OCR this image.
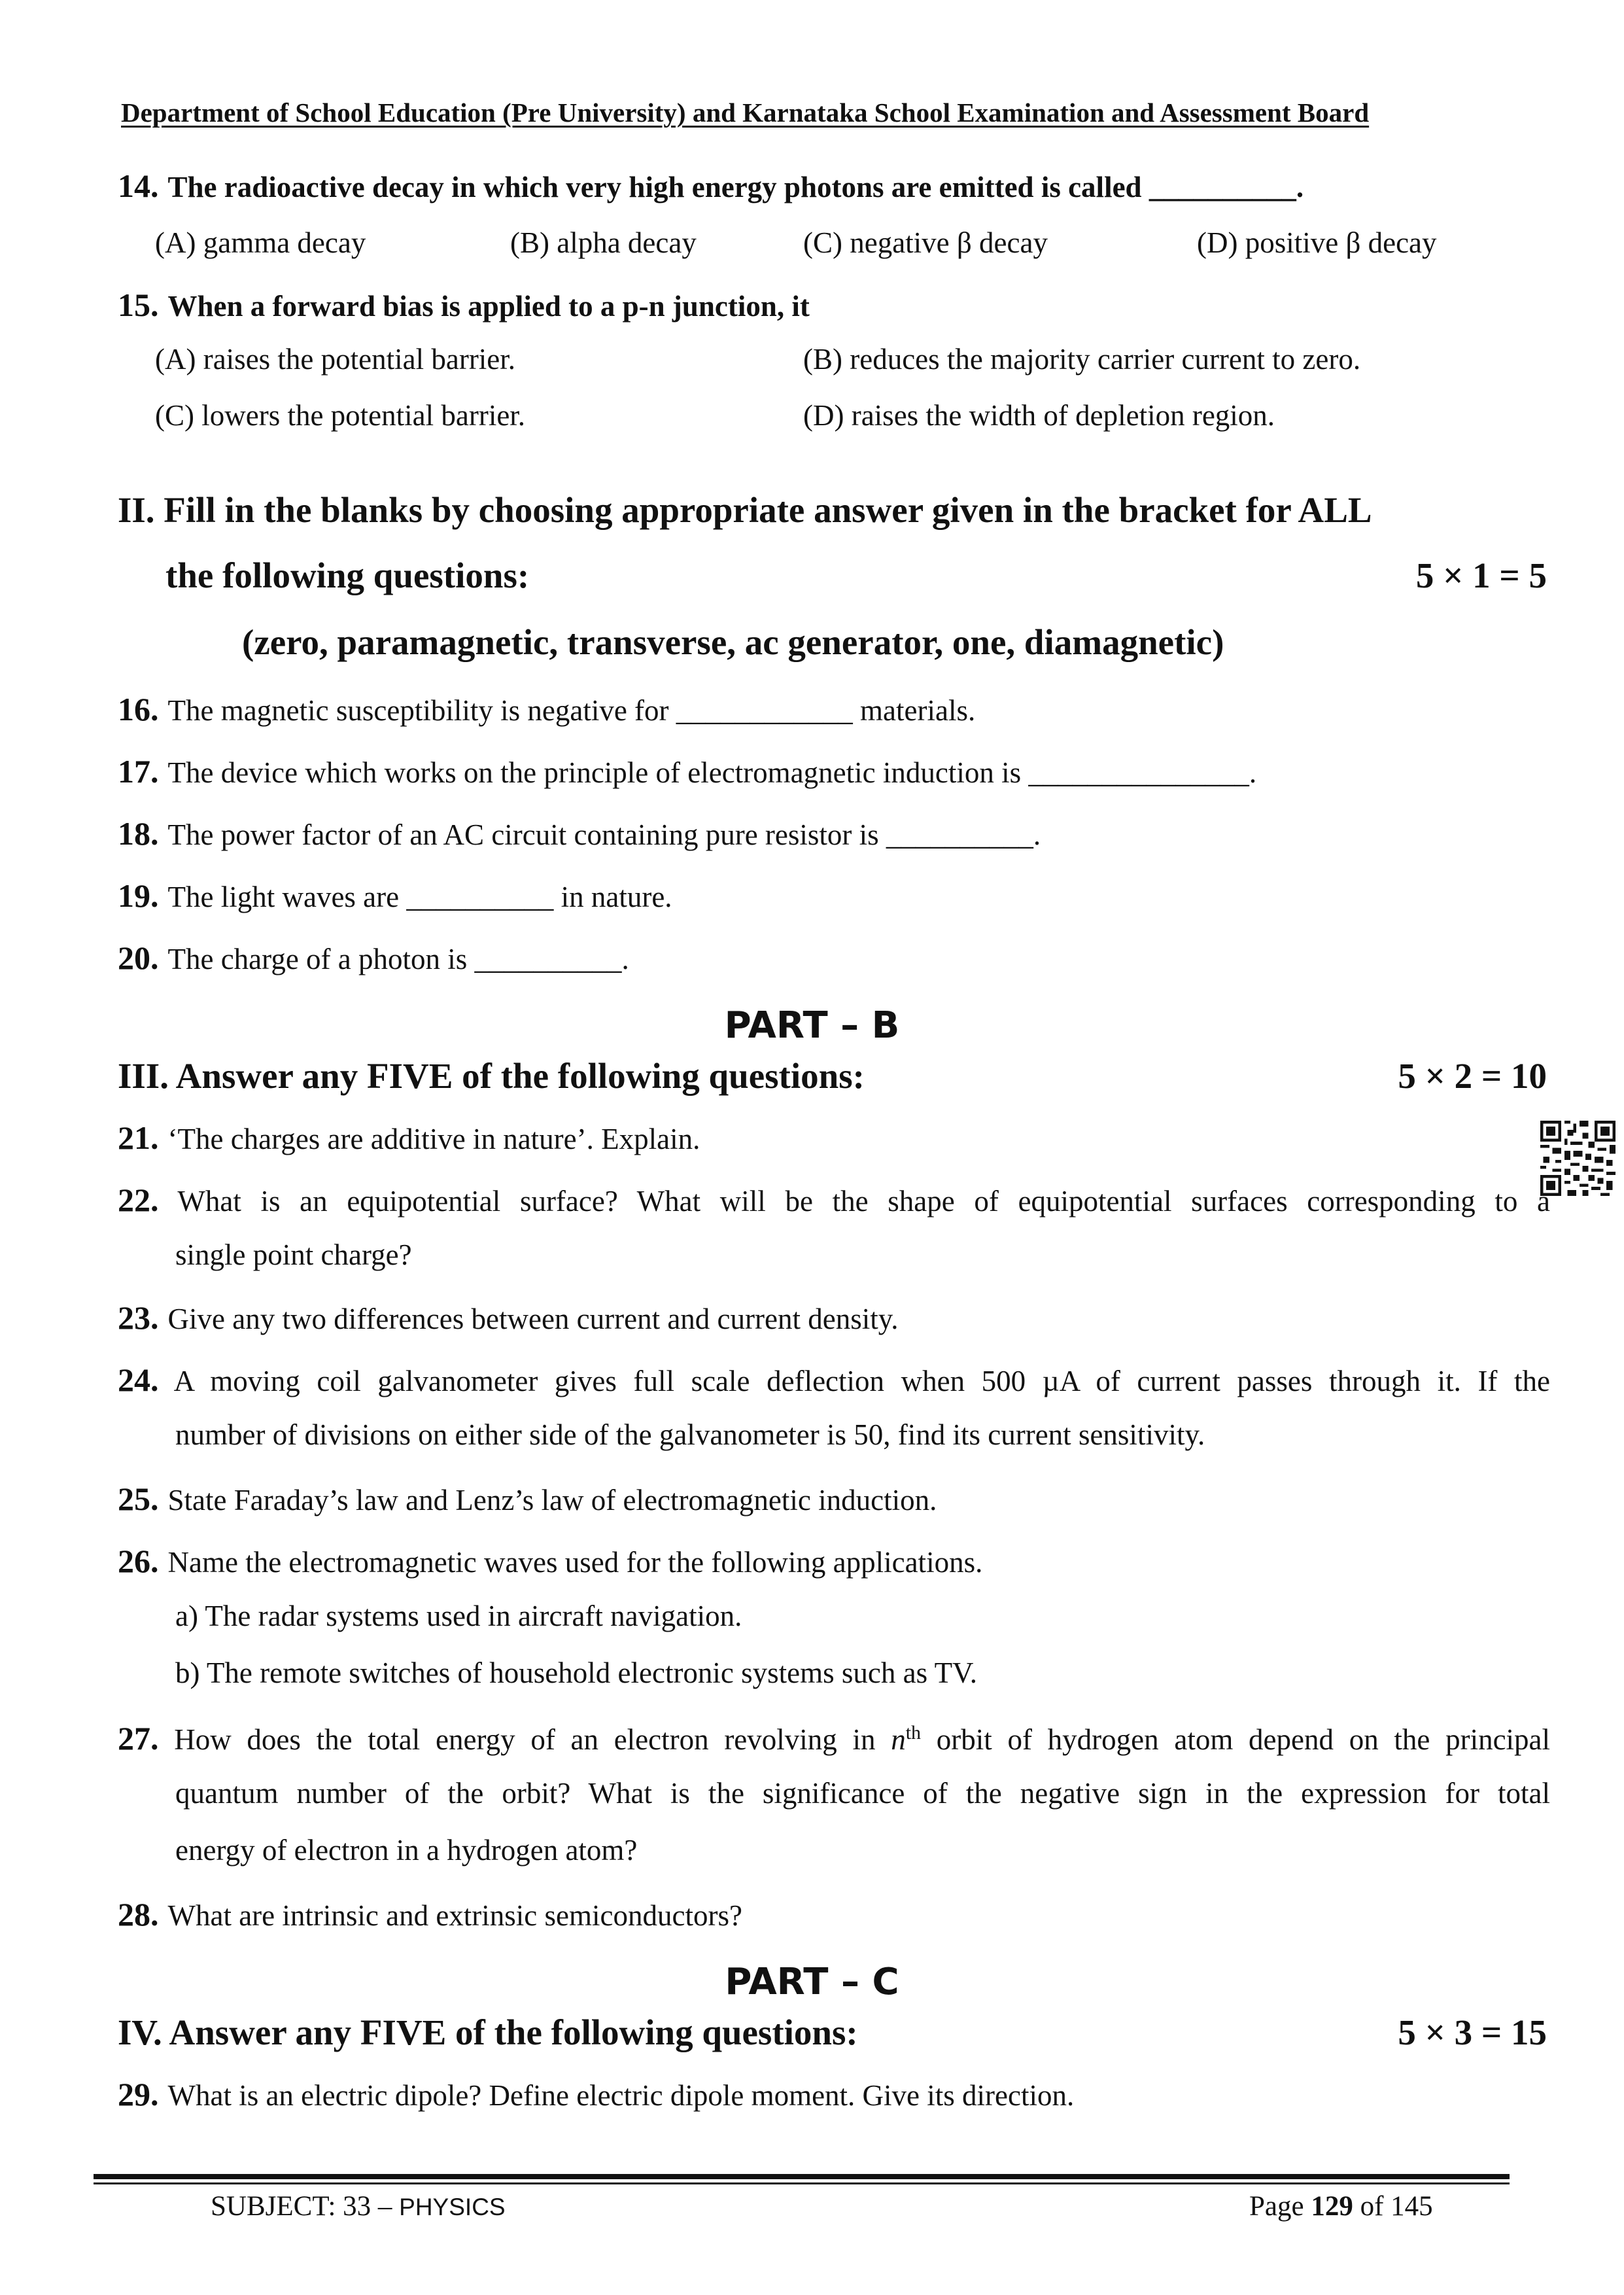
Department of School Education (Pre University) and Karnataka School Examination and Assessment Board
14. The radioactive decay in which very high energy photons are emitted is called __________.
(A) gamma decay	(B) alpha decay	(C) negative β decay	(D) positive β decay
15. When a forward bias is applied to a p-n junction, it
(A) raises the potential barrier.	(B) reduces the majority carrier current to zero.
(C) lowers the potential barrier.	(D) raises the width of depletion region.
II. Fill in the blanks by choosing appropriate answer given in the bracket for ALL
the following questions:	5 × 1 = 5
(zero, paramagnetic, transverse, ac generator, one, diamagnetic)
16. The magnetic susceptibility is negative for ____________ materials.
17. The device which works on the principle of electromagnetic induction is _______________.
18. The power factor of an AC circuit containing pure resistor is __________.
19. The light waves are __________ in nature.
20. The charge of a photon is __________.
PART – B
III. Answer any FIVE of the following questions:	5 × 2 = 10
21. ‘The charges are additive in nature’. Explain.
22. What is an equipotential surface? What will be the shape of equipotential surfaces corresponding to a
single point charge?
23. Give any two differences between current and current density.
24. A moving coil galvanometer gives full scale deflection when 500 µA of current passes through it. If the
number of divisions on either side of the galvanometer is 50, find its current sensitivity.
25. State Faraday’s law and Lenz’s law of electromagnetic induction.
26. Name the electromagnetic waves used for the following applications.
a) The radar systems used in aircraft navigation.
b) The remote switches of household electronic systems such as TV.
27. How does the total energy of an electron revolving in $n^{th}$ orbit of hydrogen atom depend on the principal
quantum number of the orbit? What is the significance of the negative sign in the expression for total
energy of electron in a hydrogen atom?
28. What are intrinsic and extrinsic semiconductors?
PART – C
IV. Answer any FIVE of the following questions:	5 × 3 = 15
29. What is an electric dipole? Define electric dipole moment. Give its direction.
SUBJECT: 33 – PHYSICS	Page 129 of 145
